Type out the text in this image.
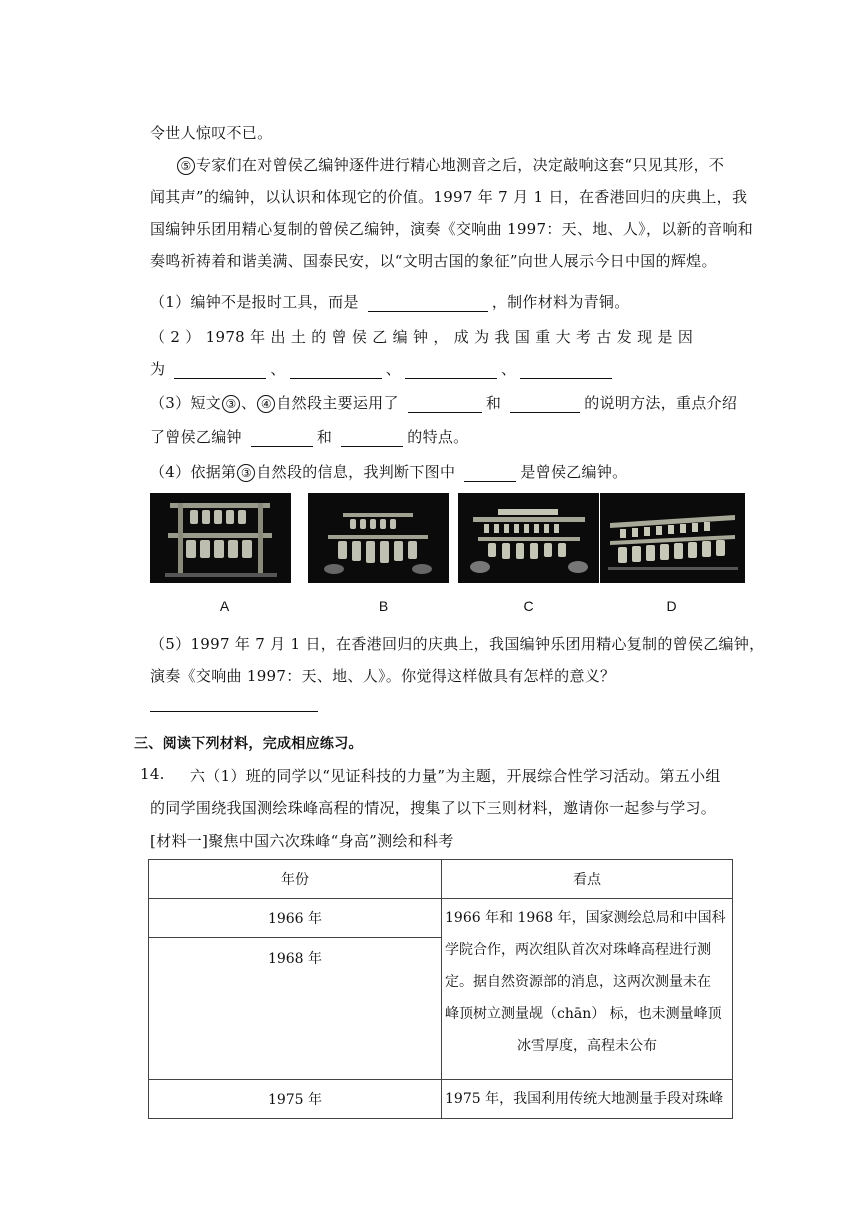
令世人惊叹不已。
⑤ 专家们在对曾侯乙编钟逐件进行精心地测音之后，决定敲响这套“只见其形，不
闻其声”的编钟，以认识和体现它的价值。1997 年 7 月 1 日，在香港回归的庆典上，我
国编钟乐团用精心复制的曾侯乙编钟，演奏《交响曲 1997：天、地、人》，以新的音响和
奏鸣祈祷着和谐美满、国泰民安，以“文明古国的象征”向世人展示今日中国的辉煌。
（1）编钟不是报时工具，而是	，制作材料为青铜。
（ 2 ） 1978 年 出 土 的 曾 侯 乙 编 钟 ， 成 为 我 国 重 大 考 古 发 现 是 因
为	、	、	、
（3）短文 ③ 、 ④ 自然段主要运用了	和	的说明方法，重点介绍
了曾侯乙编钟	和	的特点。
（4）依据第 ③ 自然段的信息，我判断下图中	是曾侯乙编钟。
A	B	C	D
（5）1997 年 7 月 1 日，在香港回归的庆典上，我国编钟乐团用精心复制的曾侯乙编钟，
演奏《交响曲 1997：天、地、人》。你觉得这样做具有怎样的意义？
三、阅读下列材料，完成相应练习。
14. 六（1）班的同学以“见证科技的力量”为主题，开展综合性学习活动。第五小组
的同学围绕我国测绘珠峰高程的情况，搜集了以下三则材料，邀请你一起参与学习。
[材料一]聚焦中国六次珠峰“身高”测绘和科考
年份	看点
1966 年	1966 年和 1968 年，国家测绘总局和中国科
学院合作，两次组队首次对珠峰高程进行测
定。据自然资源部的消息，这两次测量未在
峰顶树立测量觇（chān） 标，也未测量峰顶
冰雪厚度，高程未公布

1968 年	
1975 年	1975 年，我国利用传统大地测量手段对珠峰
